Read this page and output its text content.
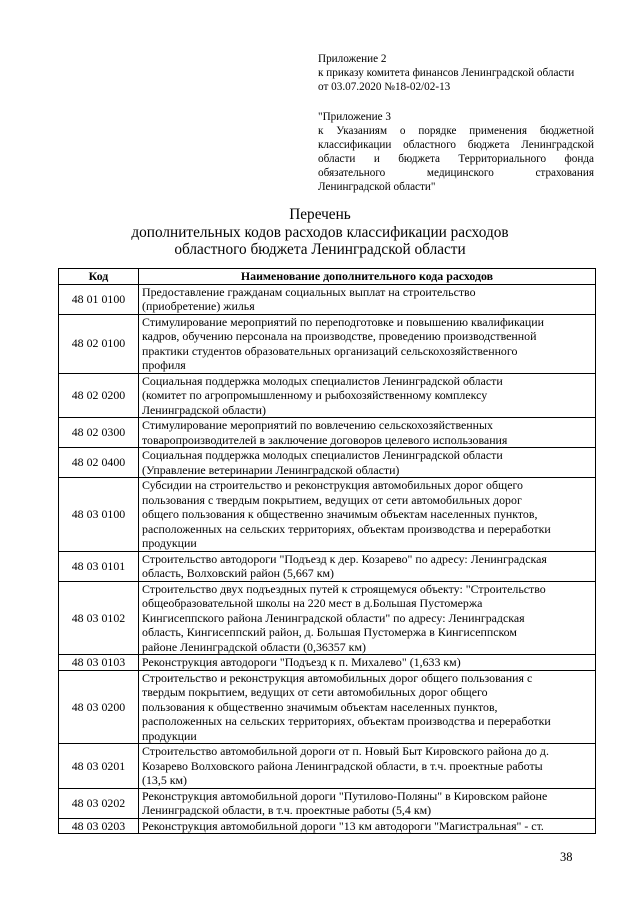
Приложение 2
к приказу комитета финансов Ленинградской области
от 03.07.2020 №18-02/02-13
"Приложение 3
к Указаниям о порядке применения бюджетной
классификации областного бюджета Ленинградской
области и бюджета Территориального фонда
обязательного медицинского страхования
Ленинградской области"
Перечень
дополнительных кодов расходов классификации расходов
областного бюджета Ленинградской области
Код	Наименование дополнительного кода расходов
48 01 0100	Предоставление гражданам социальных выплат на строительство
(приобретение) жилья

48 02 0100	Стимулирование мероприятий по переподготовке и повышению квалификации
кадров, обучению персонала на производстве, проведению производственной
практики студентов образовательных организаций сельскохозяйственного
профиля

48 02 0200	Социальная поддержка молодых специалистов Ленинградской области
(комитет по агропромышленному и рыбохозяйственному комплексу
Ленинградской области)

48 02 0300	Стимулирование мероприятий по вовлечению сельскохозяйственных
товаропроизводителей в заключение договоров целевого использования

48 02 0400	Социальная поддержка молодых специалистов Ленинградской области
(Управление ветеринарии Ленинградской области)

48 03 0100	Субсидии на строительство и реконструкция автомобильных дорог общего
пользования с твердым покрытием, ведущих от сети автомобильных дорог
общего пользования к общественно значимым объектам населенных пунктов,
расположенных на сельских территориях, объектам производства и переработки
продукции

48 03 0101	Строительство автодороги "Подъезд к дер. Козарево" по адресу: Ленинградская
область, Волховский район (5,667 км)

48 03 0102	Строительство двух подъездных путей к строящемуся объекту: "Строительство
общеобразовательной школы на 220 мест в д.Большая Пустомержа
Кингисеппского района Ленинградской области" по адресу: Ленинградская
область, Кингисеппский район, д. Большая Пустомержа в Кингисеппском
районе Ленинградской области (0,36357 км)

48 03 0103	Реконструкция автодороги "Подъезд к п. Михалево" (1,633 км)

48 03 0200	Строительство и реконструкция автомобильных дорог общего пользования с
твердым покрытием, ведущих от сети автомобильных дорог общего
пользования к общественно значимым объектам населенных пунктов,
расположенных на сельских территориях, объектам производства и переработки
продукции

48 03 0201	Строительство автомобильной дороги от п. Новый Быт Кировского района до д.
Козарево Волховского района Ленинградской области, в т.ч. проектные работы
(13,5 км)

48 03 0202	Реконструкция автомобильной дороги "Путилово-Поляны" в Кировском районе
Ленинградской области, в т.ч. проектные работы (5,4 км)

48 03 0203	Реконструкция автомобильной дороги "13 км автодороги "Магистральная" - ст.
38
